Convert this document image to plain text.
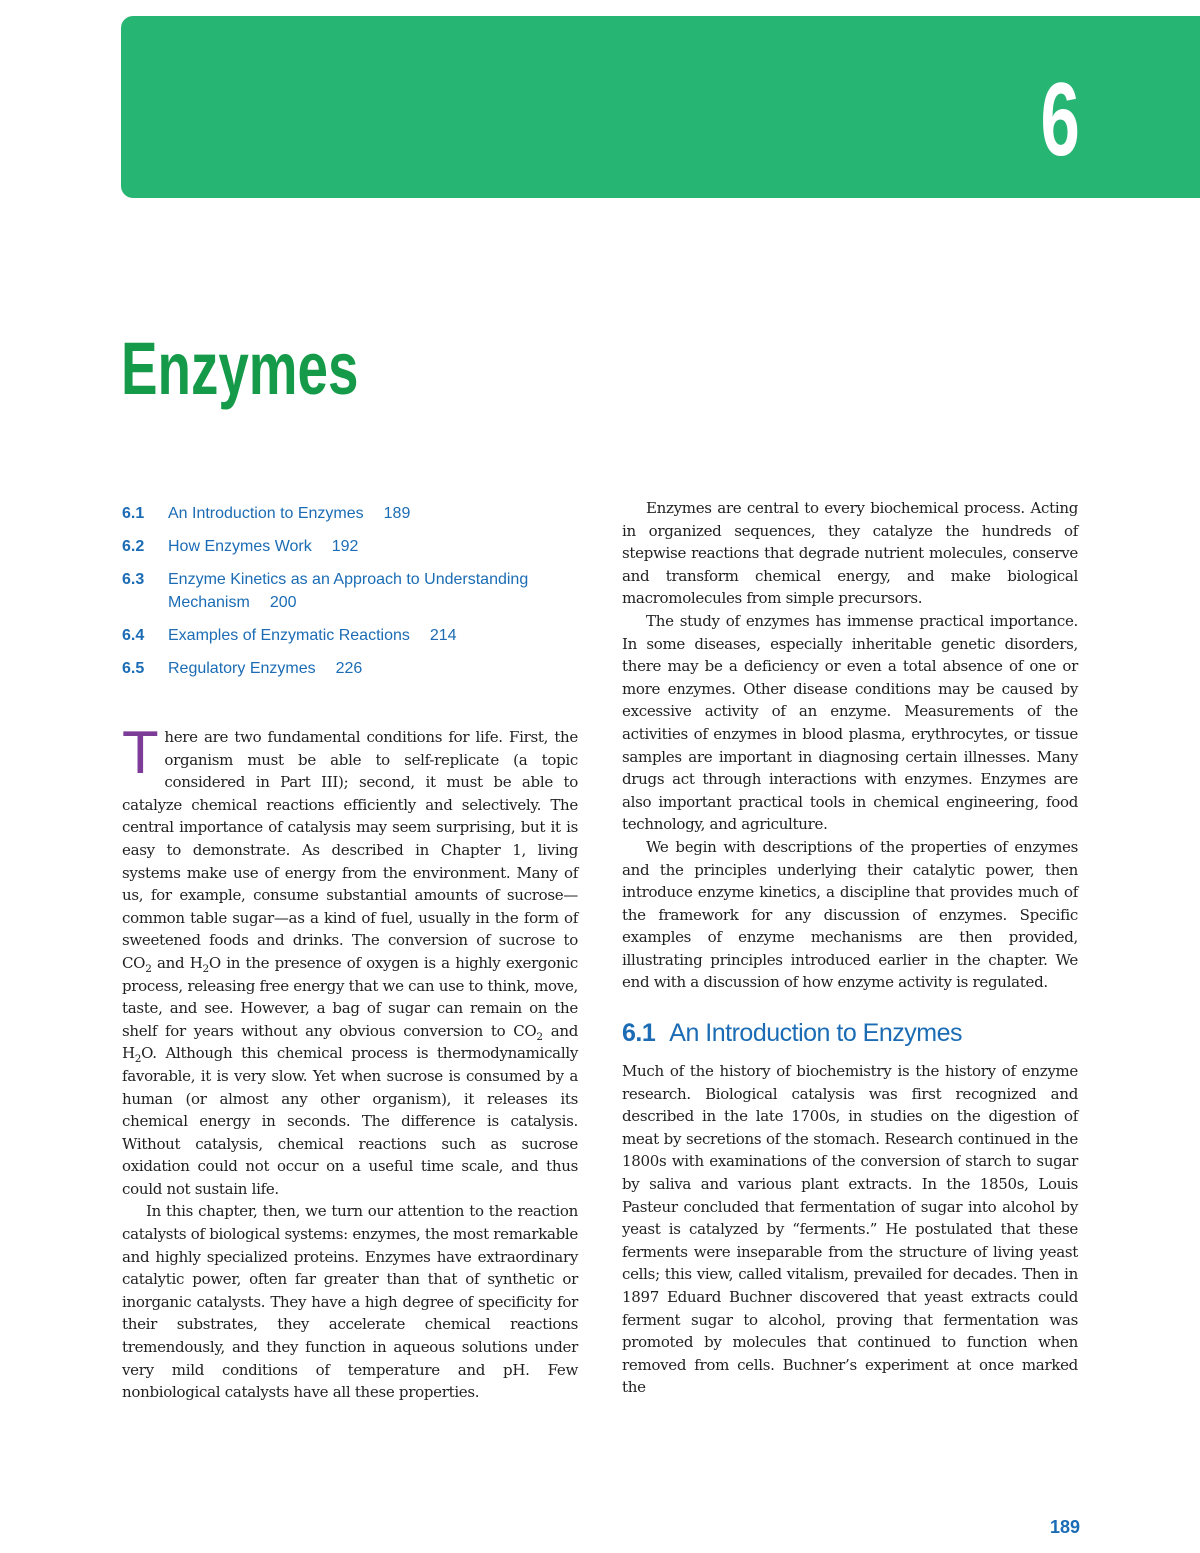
6
Enzymes
6.1	An Introduction to Enzymes 189
6.2	How Enzymes Work 192
6.3	Enzyme Kinetics as an Approach to Understanding Mechanism 200
6.4	Examples of Enzymatic Reactions 214
6.5	Regulatory Enzymes 226

There are two fundamental conditions for life. First, the organism must be able to self-replicate (a topic considered in Part III); second, it must be able to catalyze chemical reactions efficiently and selectively. The central importance of catalysis may seem surprising, but it is easy to demonstrate. As described in Chapter 1, living systems make use of energy from the environment. Many of us, for example, consume substantial amounts of sucrose—common table sugar—as a kind of fuel, usually in the form of sweetened foods and drinks. The conversion of sucrose to $CO_2$ and $H_2O$ in the presence of oxygen is a highly exergonic process, releasing free energy that we can use to think, move, taste, and see. However, a bag of sugar can remain on the shelf for years without any obvious conversion to $CO_2$ and $H_2O$. Although this chemical process is thermodynamically favorable, it is very slow. Yet when sucrose is consumed by a human (or almost any other organism), it releases its chemical energy in seconds. The difference is catalysis. Without catalysis, chemical reactions such as sucrose oxidation could not occur on a useful time scale, and thus could not sustain life.

In this chapter, then, we turn our attention to the reaction catalysts of biological systems: enzymes, the most remarkable and highly specialized proteins. Enzymes have extraordinary catalytic power, often far greater than that of synthetic or inorganic catalysts. They have a high degree of specificity for their substrates, they accelerate chemical reactions tremendously, and they function in aqueous solutions under very mild conditions of temperature and pH. Few nonbiological catalysts have all these properties.

Enzymes are central to every biochemical process. Acting in organized sequences, they catalyze the hundreds of stepwise reactions that degrade nutrient molecules, conserve and transform chemical energy, and make biological macromolecules from simple precursors.

The study of enzymes has immense practical importance. In some diseases, especially inheritable genetic disorders, there may be a deficiency or even a total absence of one or more enzymes. Other disease conditions may be caused by excessive activity of an enzyme. Measurements of the activities of enzymes in blood plasma, erythrocytes, or tissue samples are important in diagnosing certain illnesses. Many drugs act through interactions with enzymes. Enzymes are also important practical tools in chemical engineering, food technology, and agriculture.

We begin with descriptions of the properties of enzymes and the principles underlying their catalytic power, then introduce enzyme kinetics, a discipline that provides much of the framework for any discussion of enzymes. Specific examples of enzyme mechanisms are then provided, illustrating principles introduced earlier in the chapter. We end with a discussion of how enzyme activity is regulated.

6.1 An Introduction to Enzymes

Much of the history of biochemistry is the history of enzyme research. Biological catalysis was first recognized and described in the late 1700s, in studies on the digestion of meat by secretions of the stomach. Research continued in the 1800s with examinations of the conversion of starch to sugar by saliva and various plant extracts. In the 1850s, Louis Pasteur concluded that fermentation of sugar into alcohol by yeast is catalyzed by “ferments.” He postulated that these ferments were inseparable from the structure of living yeast cells; this view, called vitalism, prevailed for decades. Then in 1897 Eduard Buchner discovered that yeast extracts could ferment sugar to alcohol, proving that fermentation was promoted by molecules that continued to function when removed from cells. Buchner’s experiment at once marked the

189
